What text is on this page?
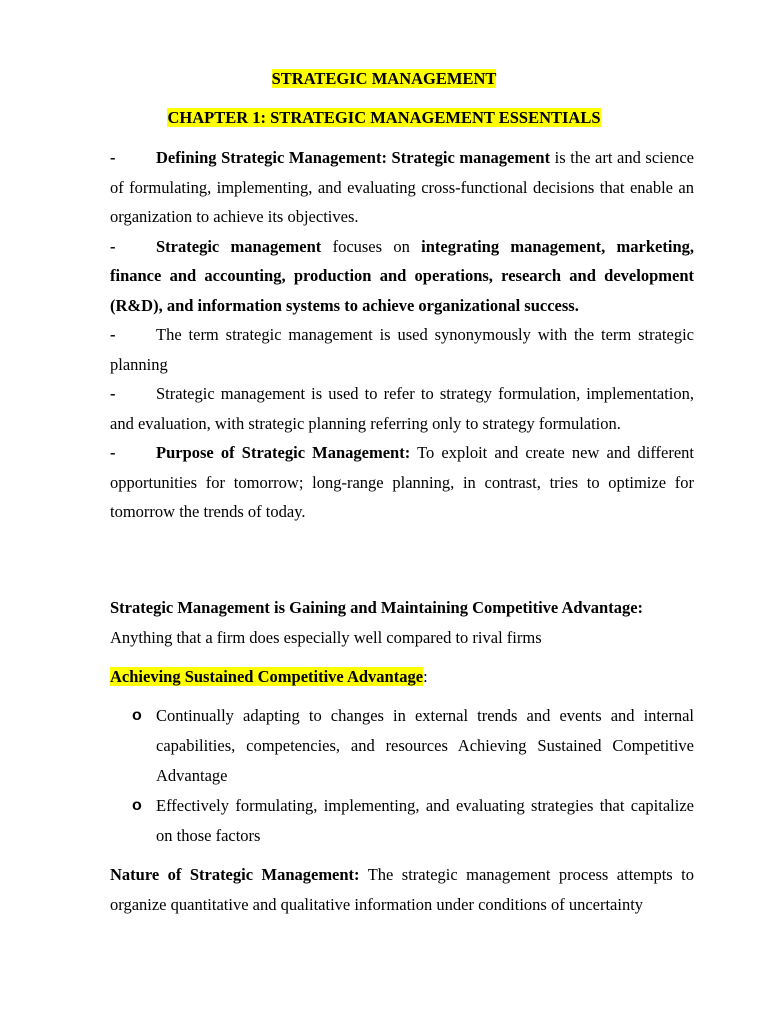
STRATEGIC MANAGEMENT
CHAPTER 1: STRATEGIC MANAGEMENT ESSENTIALS
- Defining Strategic Management: Strategic management is the art and science of formulating, implementing, and evaluating cross-functional decisions that enable an organization to achieve its objectives.
- Strategic management focuses on integrating management, marketing, finance and accounting, production and operations, research and development (R&D), and information systems to achieve organizational success.
- The term strategic management is used synonymously with the term strategic planning
- Strategic management is used to refer to strategy formulation, implementation, and evaluation, with strategic planning referring only to strategy formulation.
- Purpose of Strategic Management: To exploit and create new and different opportunities for tomorrow; long-range planning, in contrast, tries to optimize for tomorrow the trends of today.
Strategic Management is Gaining and Maintaining Competitive Advantage:
Anything that a firm does especially well compared to rival firms
Achieving Sustained Competitive Advantage:
o Continually adapting to changes in external trends and events and internal capabilities, competencies, and resources Achieving Sustained Competitive Advantage
o Effectively formulating, implementing, and evaluating strategies that capitalize on those factors
Nature of Strategic Management: The strategic management process attempts to organize quantitative and qualitative information under conditions of uncertainty
